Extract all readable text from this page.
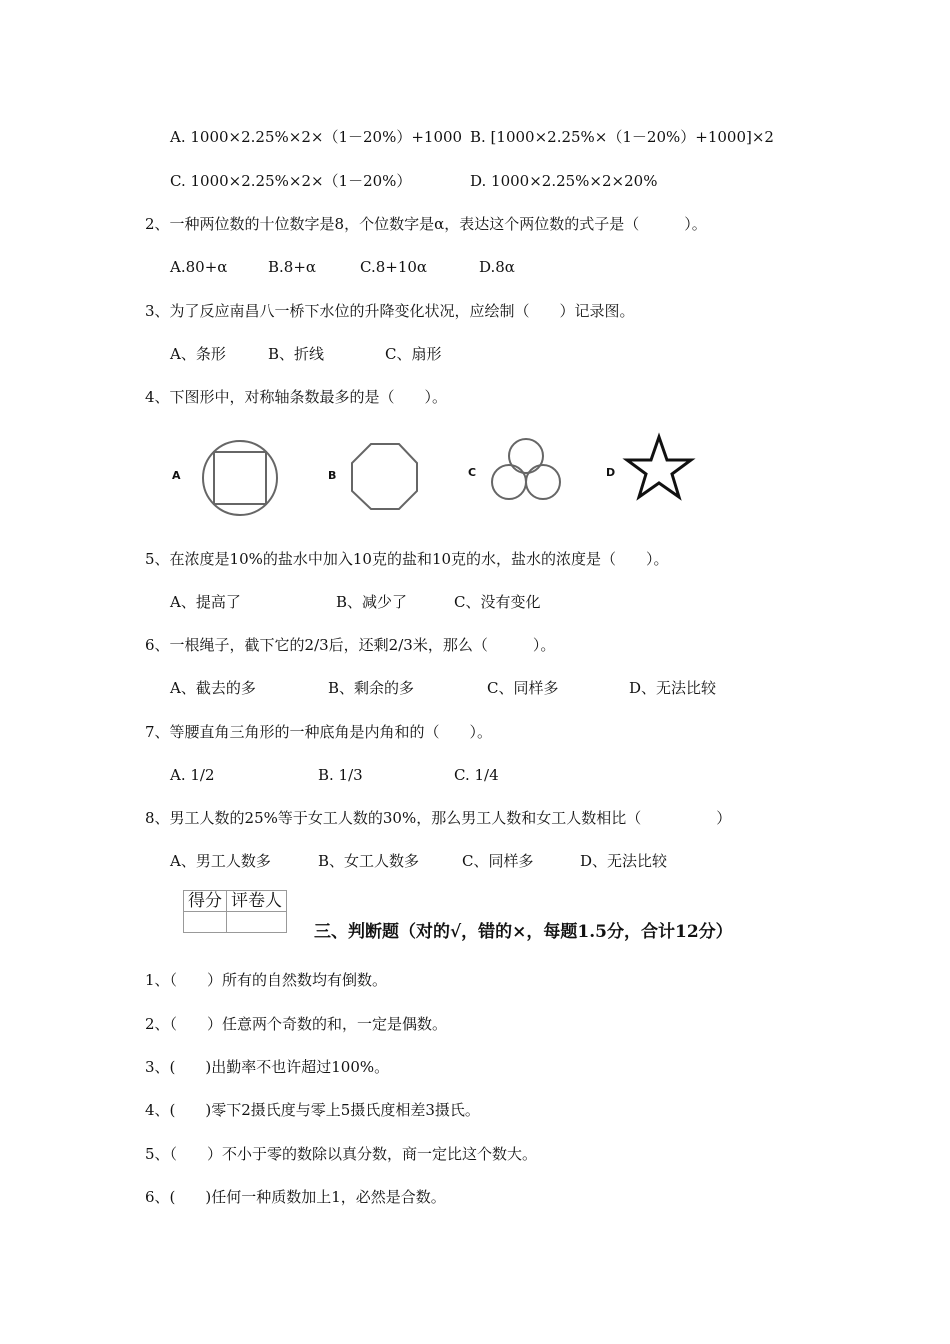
A. 1000×2.25%×2×（1－20%）+1000 B. [1000×2.25%×（1－20%）+1000]×2
C. 1000×2.25%×2×（1－20%）	D. 1000×2.25%×2×20%
2、一种两位数的十位数字是8，个位数字是α，表达这个两位数的式子是（　　　）。
A.80+α	B.8+α	C.8+10α	D.8α
3、为了反应南昌八一桥下水位的升降变化状况，应绘制（　　）记录图。
A、条形	B、折线	C、扇形
4、下图形中，对称轴条数最多的是（　　）。
A	B	C	D
5、在浓度是10%的盐水中加入10克的盐和10克的水，盐水的浓度是（　　）。
A、提高了	B、减少了	C、没有变化
6、一根绳子，截下它的2/3后，还剩2/3米，那么（　　　）。
A、截去的多	B、剩余的多	C、同样多	D、无法比较
7、等腰直角三角形的一种底角是内角和的（　　）。
A. 1/2	B. 1/3	C. 1/4
8、男工人数的25%等于女工人数的30%，那么男工人数和女工人数相比（　　　　　）
A、男工人数多	B、女工人数多	C、同样多	D、无法比较
得分	评卷人

三、判断题（对的√，错的×，每题1.5分，合计12分）
1、（　　）所有的自然数均有倒数。
2、（　　）任意两个奇数的和，一定是偶数。
3、(　　)出勤率不也许超过100%。
4、(　　)零下2摄氏度与零上5摄氏度相差3摄氏。
5、（　　）不小于零的数除以真分数，商一定比这个数大。
6、(　　)任何一种质数加上1，必然是合数。
